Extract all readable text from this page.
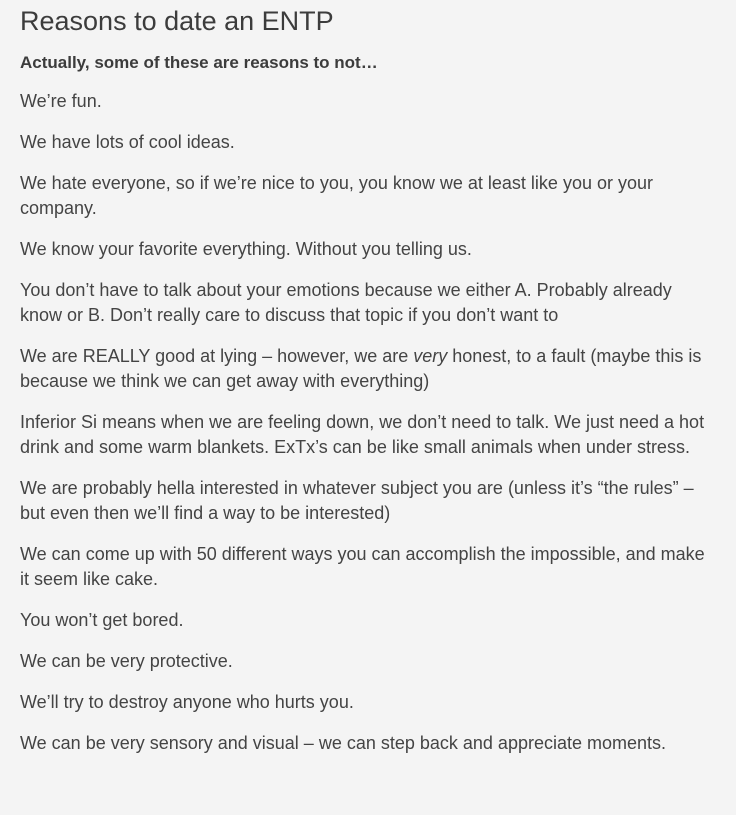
Reasons to date an ENTP
Actually, some of these are reasons to not…

We’re fun.

We have lots of cool ideas.

We hate everyone, so if we’re nice to you, you know we at least like you or your company.

We know your favorite everything. Without you telling us.

You don’t have to talk about your emotions because we either A. Probably already know or B. Don’t really care to discuss that topic if you don’t want to

We are REALLY good at lying – however, we are very honest, to a fault (maybe this is because we think we can get away with everything)

Inferior Si means when we are feeling down, we don’t need to talk. We just need a hot drink and some warm blankets. ExTx’s can be like small animals when under stress.

We are probably hella interested in whatever subject you are (unless it’s “the rules” – but even then we’ll find a way to be interested)

We can come up with 50 different ways you can accomplish the impossible, and make it seem like cake.

You won’t get bored.

We can be very protective.

We’ll try to destroy anyone who hurts you.

We can be very sensory and visual – we can step back and appreciate moments.
